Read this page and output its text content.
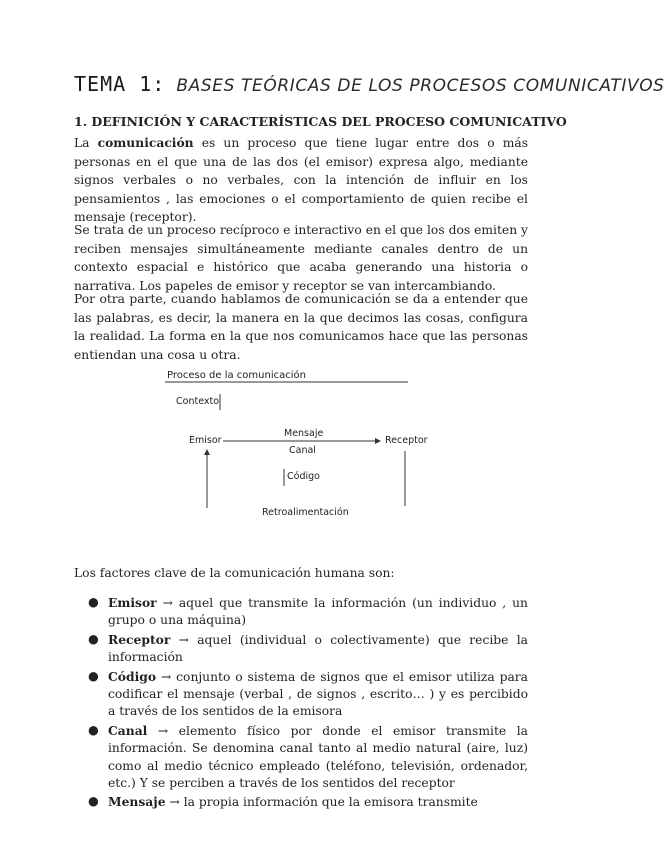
TEMA 1: BASES TEÓRICAS DE LOS PROCESOS COMUNICATIVOS
1. DEFINICIÓN Y CARACTERÍSTICAS DEL PROCESO COMUNICATIVO

La comunicación es un proceso que tiene lugar entre dos o más personas en el que una de las dos (el emisor) expresa algo, mediante signos verbales o no verbales, con la intención de influir en los pensamientos , las emociones o el comportamiento de quien recibe el mensaje (receptor).

Se trata de un proceso recíproco e interactivo en el que los dos emiten y reciben mensajes simultáneamente mediante canales dentro de un contexto espacial e histórico que acaba generando una historia o narrativa. Los papeles de emisor y receptor se van intercambiando.

Por otra parte, cuando hablamos de comunicación se da a entender que las palabras, es decir, la manera en la que decimos las cosas, configura la realidad. La forma en la que nos comunicamos hace que las personas entiendan una cosa u otra.

Proceso de la comunicación
Contexto
Emisor
Mensaje
Canal
Receptor
Código
Retroalimentación
Los factores clave de la comunicación humana son:
● Emisor → aquel que transmite la información (un individuo , un grupo o una máquina)
● Receptor → aquel (individual o colectivamente) que recibe la información
● Código → conjunto o sistema de signos que el emisor utiliza para codificar el mensaje (verbal , de signos , escrito… ) y es percibido a través de los sentidos de la emisora
● Canal → elemento físico por donde el emisor transmite la información. Se denomina canal tanto al medio natural (aire, luz) como al medio técnico empleado (teléfono, televisión, ordenador, etc.) Y se perciben a través de los sentidos del receptor
● Mensaje → la propia información que la emisora transmite
